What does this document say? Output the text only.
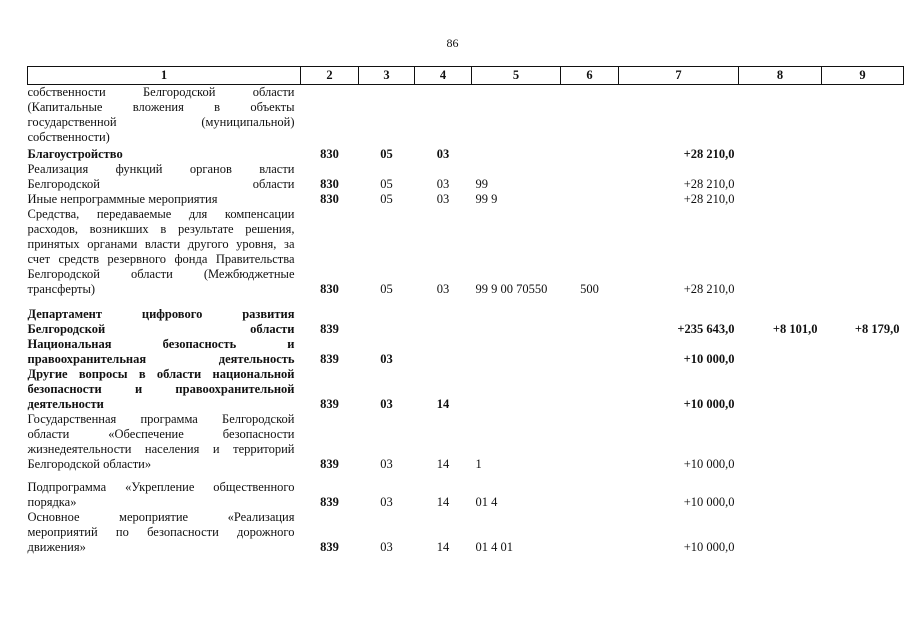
86
1	2	3	4	5	6	7	8	9
собственности Белгородской области (Капитальные вложения в объекты государственной (муниципальной) собственности)								
Благоустройство	830	05	03			+28 210,0		
Реализация функций органов власти Белгородской области	830	05	03	99		+28 210,0		
Иные непрограммные мероприятия	830	05	03	99 9		+28 210,0		
Средства, передаваемые для компенсации расходов, возникших в результате решения, принятых органами власти другого уровня, за счет средств резервного фонда Правительства Белгородской области (Межбюджетные трансферты)	830	05	03	99 9 00 70550	500	+28 210,0		
Департамент цифрового развития Белгородской области	839					+235 643,0	+8 101,0	+8 179,0
Национальная безопасность и правоохранительная деятельность	839	03				+10 000,0		
Другие вопросы в области национальной безопасности и правоохранительной деятельности	839	03	14			+10 000,0		
Государственная программа Белгородской области «Обеспечение безопасности жизнедеятельности населения и территорий Белгородской области»	839	03	14	1		+10 000,0		
Подпрограмма «Укрепление общественного порядка»	839	03	14	01 4		+10 000,0		
Основное мероприятие «Реализация мероприятий по безопасности дорожного движения»	839	03	14	01 4 01		+10 000,0		
